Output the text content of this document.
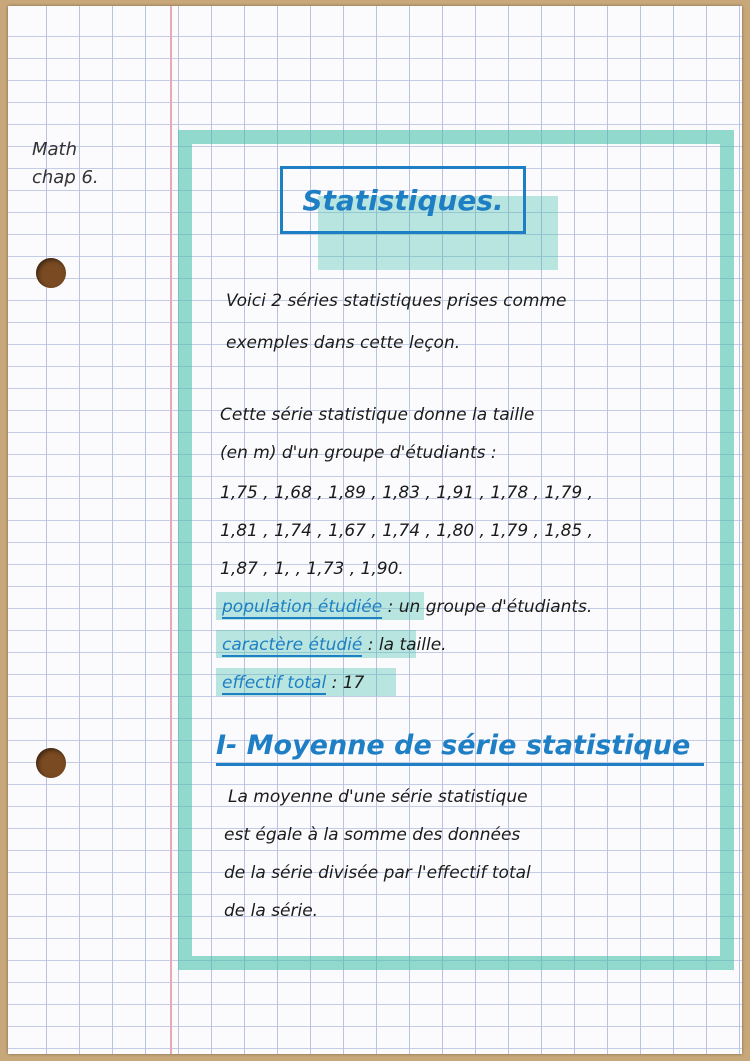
Math
chap 6.
Statistiques.
Voici 2 séries statistiques prises comme
exemples dans cette leçon.
Cette série statistique donne la taille
(en m) d'un groupe d'étudiants :
1,75 , 1,68 , 1,89 , 1,83 , 1,91 , 1,78 , 1,79 ,
1,81 , 1,74 , 1,67 , 1,74 , 1,80 , 1,79 , 1,85 ,
1,87 , 1, , 1,73 , 1,90.
population étudiée : un groupe d'étudiants.
caractère étudié : la taille.
effectif total : 17
I- Moyenne de série statistique
La moyenne d'une série statistique
est égale à la somme des données
de la série divisée par l'effectif total
de la série.
